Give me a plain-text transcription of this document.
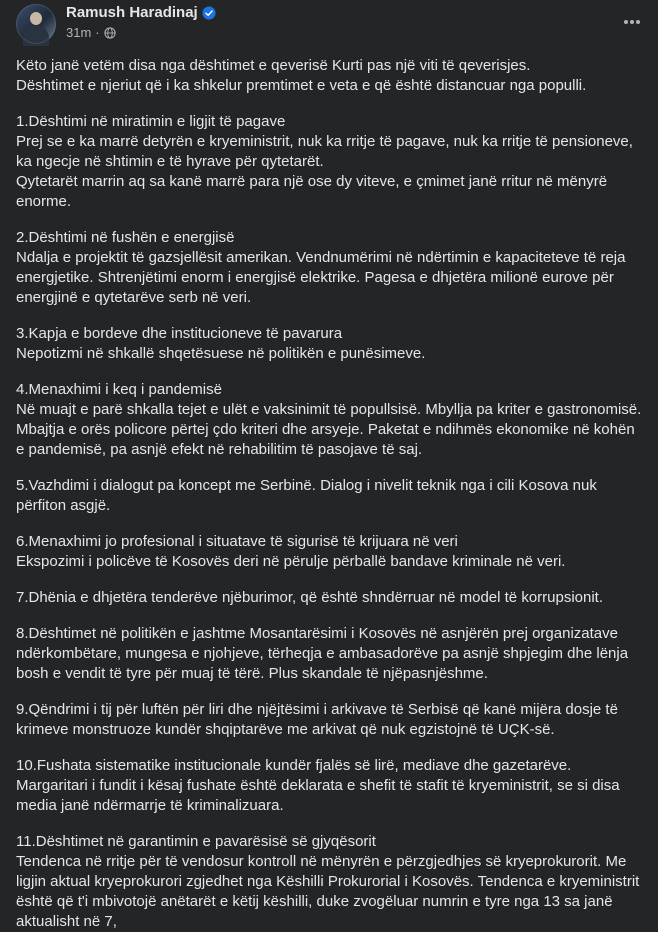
Ramush Haradinaj
31m ·
Këto janë vetëm disa nga dështimet e qeverisë Kurti pas një viti të qeverisjes.
Dështimet e njeriut që i ka shkelur premtimet e veta e që është distancuar nga populli.
1.Dështimi në miratimin e ligjit të pagave
Prej se e ka marrë detyrën e kryeministrit, nuk ka rritje të pagave, nuk ka rritje të pensioneve, ka ngecje në shtimin e të hyrave për qytetarët.
Qytetarët marrin aq sa kanë marrë para një ose dy viteve, e çmimet janë rritur në mënyrë enorme.
2.Dështimi në fushën e energjisë
Ndalja e projektit të gazsjellësit amerikan. Vendnumërimi në ndërtimin e kapaciteteve të reja energjetike. Shtrenjëtimi enorm i energjisë elektrike. Pagesa e dhjetëra milionë eurove për energjinë e qytetarëve serb në veri.
3.Kapja e bordeve dhe institucioneve të pavarura
Nepotizmi në shkallë shqetësuese në politikën e punësimeve.
4.Menaxhimi i keq i pandemisë
Në muajt e parë shkalla tejet e ulët e vaksinimit të popullsisë. Mbyllja pa kriter e gastronomisë. Mbajtja e orës policore përtej çdo kriteri dhe arsyeje. Paketat e ndihmës ekonomike në kohën e pandemisë, pa asnjë efekt në rehabilitim të pasojave të saj.
5.Vazhdimi i dialogut pa koncept me Serbinë. Dialog i nivelit teknik nga i cili Kosova nuk përfiton asgjë.
6.Menaxhimi jo profesional i situatave të sigurisë të krijuara në veri
Ekspozimi i policëve të Kosovës deri në përulje përballë bandave kriminale në veri.
7.Dhënia e dhjetëra tenderëve njëburimor, që është shndërruar në model të korrupsionit.
8.Dështimet në politikën e jashtme Mosantarësimi i Kosovës në asnjërën prej organizatave ndërkombëtare, mungesa e njohjeve, tërheqja e ambasadorëve pa asnjë shpjegim dhe lënja bosh e vendit të tyre për muaj të tërë. Plus skandale të njëpasnjëshme.
9.Qëndrimi i tij për luftën për liri dhe njëjtësimi i arkivave të Serbisë që kanë mijëra dosje të krimeve monstruoze kundër shqiptarëve me arkivat që nuk egzistojnë të UÇK-së.
10.Fushata sistematike institucionale kundër fjalës së lirë, mediave dhe gazetarëve. Margaritari i fundit i kësaj fushate është deklarata e shefit të stafit të kryeministrit, se si disa media janë ndërmarrje të kriminalizuara.
11.Dështimet në garantimin e pavarësisë së gjyqësorit
Tendenca në rritje për të vendosur kontroll në mënyrën e përzgjedhjes së kryeprokurorit. Me ligjin aktual kryeprokurori zgjedhet nga Këshilli Prokurorial i Kosovës. Tendenca e kryeministrit është që t'i mbivotojë anëtarët e këtij këshilli, duke zvogëluar numrin e tyre nga 13 sa janë aktualisht në 7,
